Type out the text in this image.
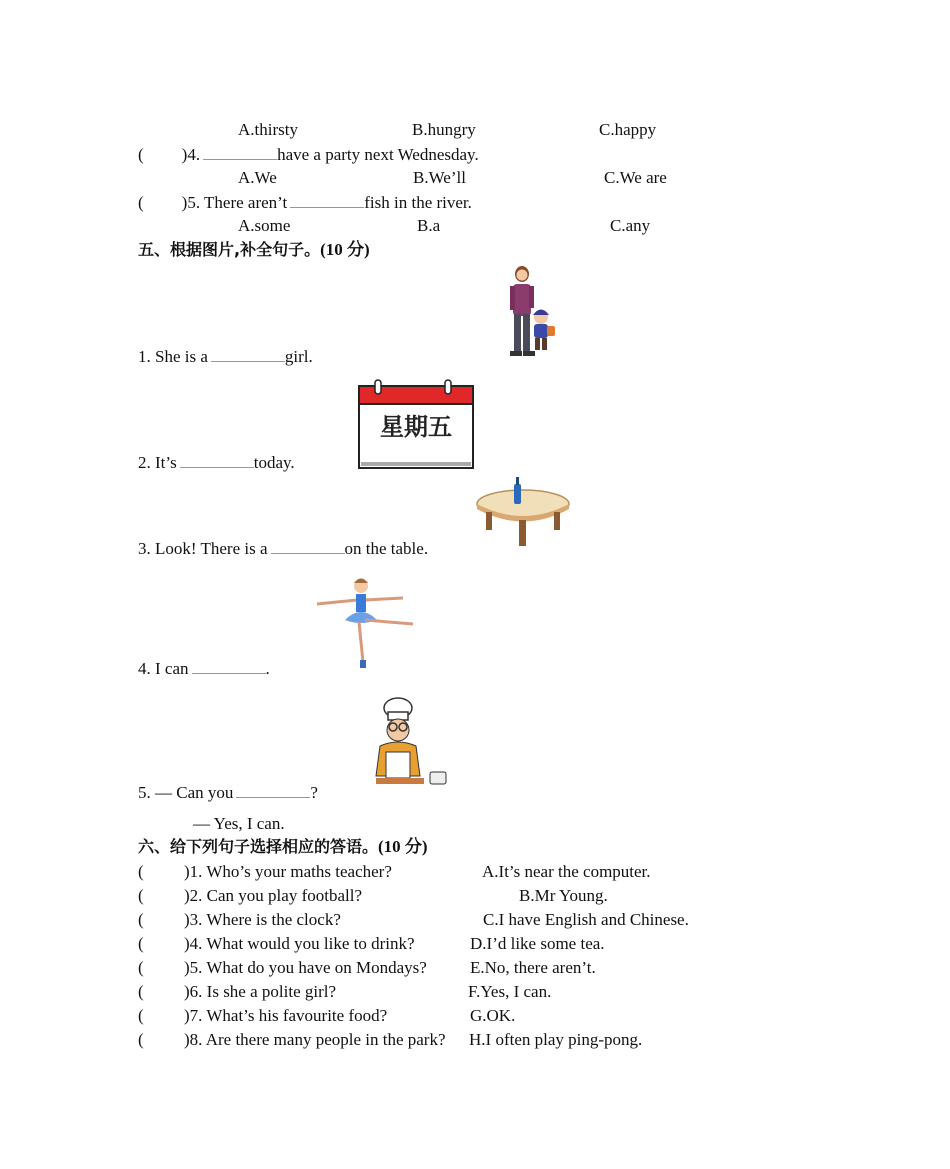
A.thirsty	B.hungry	C.happy
( )4.	have a party next Wednesday.
A.We	B.We’ll	C.We are
( )5. There aren’t	fish in the river.
A.some	B.a	C.any
五、根据图片,补全句子。(10 分)
1. She is a	girl.
星期五
2. It’s	today.
3. Look! There is a	on the table.
4. I can	.
5. — Can you	?
— Yes, I can.
六、给下列句子选择相应的答语。(10 分)
( )1. Who’s your maths teacher?	A.It’s near the computer.
( )2. Can you play football?	B.Mr Young.
( )3. Where is the clock?	C.I have English and Chinese.
( )4. What would you like to drink?	D.I’d like some tea.
( )5. What do you have on Mondays?	E.No, there aren’t.
( )6. Is she a polite girl?	F.Yes, I can.
( )7. What’s his favourite food?	G.OK.
( )8. Are there many people in the park? H.I often play ping-pong.
